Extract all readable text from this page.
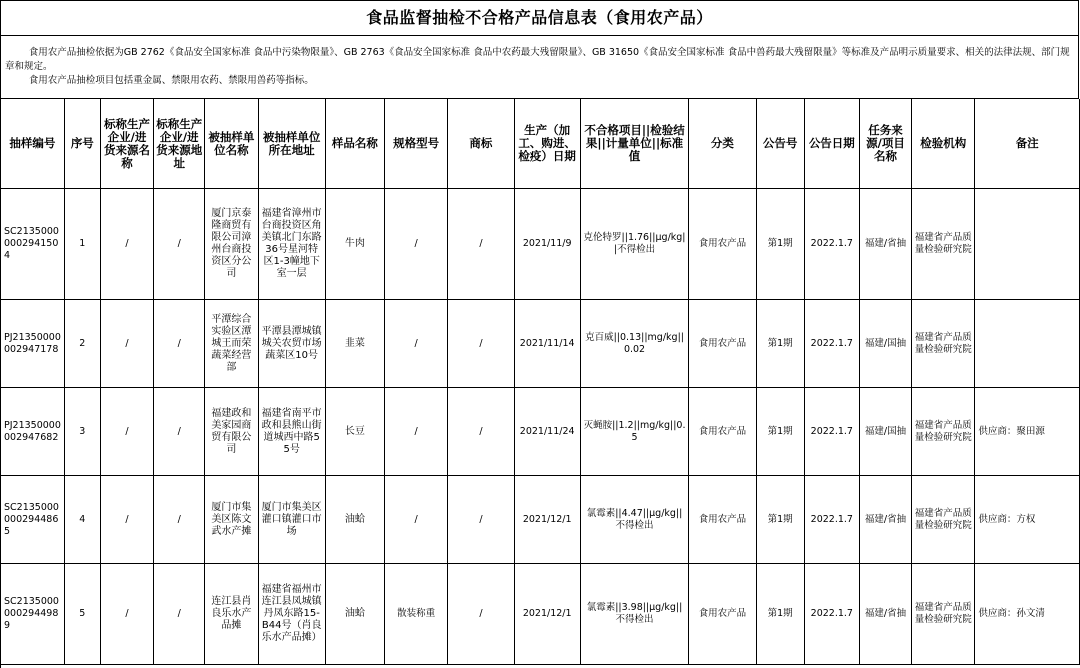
食品监督抽检不合格产品信息表（食用农产品）

食用农产品抽检依据为GB 2762《食品安全国家标准 食品中污染物限量》、GB 2763《食品安全国家标准 食品中农药最大残留限量》、GB 31650《食品安全国家标准 食品中兽药最大残留限量》等标准及产品明示质量要求、相关的法律法规、部门规章和规定。

食用农产品抽检项目包括重金属、禁限用农药、禁限用兽药等指标。

抽样编号	序号	标称生产企业/进货来源名称	标称生产企业/进货来源地址	被抽样单位名称	被抽样单位所在地址	样品名称	规格型号	商标	生产（加工、购进、检疫）日期	不合格项目||检验结果||计量单位||标准值	分类	公告号	公告日期	任务来源/项目名称	检验机构	备注
SC21350000002941504	1	/	/	厦门京泰隆商贸有限公司漳州台商投资区分公司	福建省漳州市台商投资区角美镇北门东路36号星河特区1-3幢地下室一层	牛肉	/	/	2021/11/9	克伦特罗||1.76||μg/kg||不得检出	食用农产品	第1期	2022.1.7	福建/省抽	福建省产品质量检验研究院	
PJ21350000002947178	2	/	/	平潭综合实验区潭城王而荣蔬菜经营部	平潭县潭城镇城关农贸市场蔬菜区10号	韭菜	/	/	2021/11/14	克百威||0.13||mg/kg||0.02	食用农产品	第1期	2022.1.7	福建/国抽	福建省产品质量检验研究院	
PJ21350000002947682	3	/	/	福建政和美家园商贸有限公司	福建省南平市政和县熊山街道城西中路55号	长豆	/	/	2021/11/24	灭蝇胺||1.2||mg/kg||0.5	食用农产品	第1期	2022.1.7	福建/国抽	福建省产品质量检验研究院	供应商：聚田源
SC21350000002944865	4	/	/	厦门市集美区陈文武水产摊	厦门市集美区灌口镇灌口市场	油蛤	/	/	2021/12/1	氯霉素||4.47||μg/kg||不得检出	食用农产品	第1期	2022.1.7	福建/省抽	福建省产品质量检验研究院	供应商：方权
SC21350000002944989	5	/	/	连江县肖良乐水产品摊	福建省福州市连江县凤城镇丹凤东路15-B44号（肖良乐水产品摊）	油蛤	散装称重	/	2021/12/1	氯霉素||3.98||μg/kg||不得检出	食用农产品	第1期	2022.1.7	福建/省抽	福建省产品质量检验研究院	供应商：孙文清
